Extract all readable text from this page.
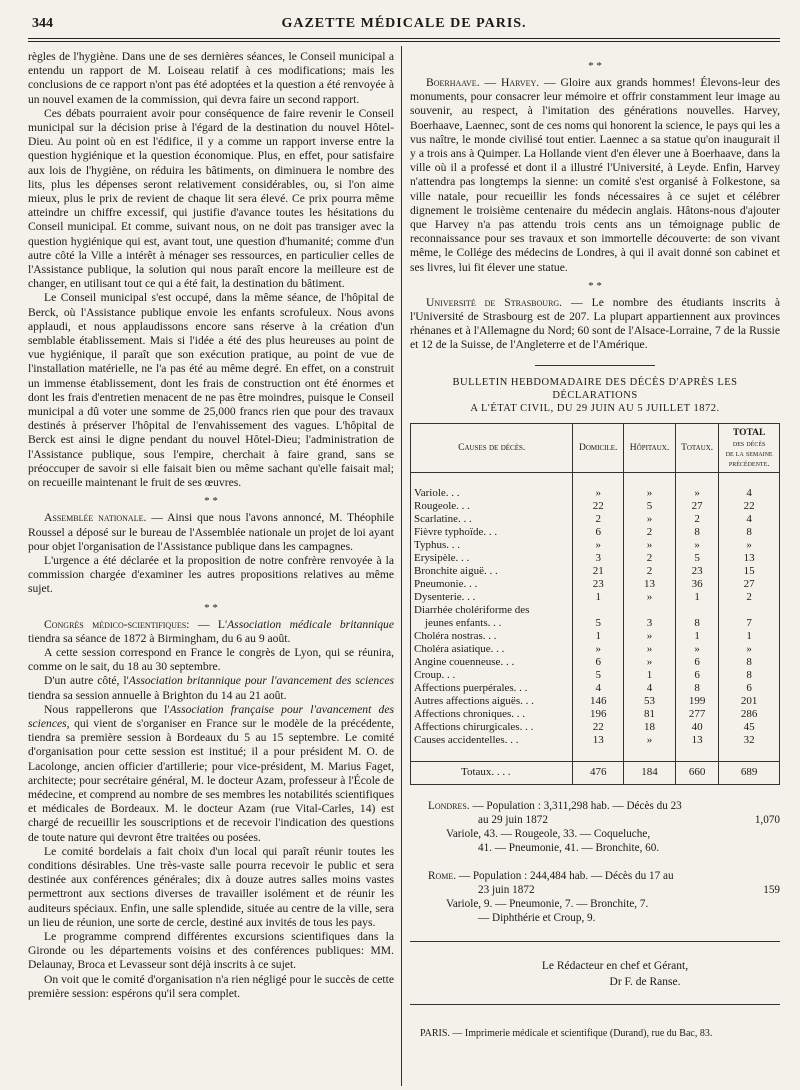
344	GAZETTE MÉDICALE DE PARIS.

règles de l'hygiène. Dans une de ses dernières séances, le Conseil municipal a entendu un rapport de M. Loiseau relatif à ces modifications; mais les conclusions de ce rapport n'ont pas été adoptées et la question a été renvoyée à un nouvel examen de la commission, qui devra faire un second rapport.

Ces débats pourraient avoir pour conséquence de faire revenir le Conseil municipal sur la décision prise à l'égard de la destination du nouvel Hôtel-Dieu. Au point où en est l'édifice, il y a comme un rapport inverse entre la question hygiénique et la question économique. Plus, en effet, pour satisfaire aux lois de l'hygiène, on réduira les bâtiments, on diminuera le nombre des lits, plus les dépenses seront relativement considérables, ou, si l'on aime mieux, plus le prix de revient de chaque lit sera élevé. Ce prix pourra même atteindre un chiffre excessif, qui justifie d'avance toutes les hésitations du Conseil municipal. Et comme, suivant nous, on ne doit pas transiger avec la question hygiénique qui est, avant tout, une question d'humanité; comme d'un autre côté la Ville a intérêt à ménager ses ressources, en particulier celles de l'Assistance publique, la solution qui nous paraît encore la meilleure est de changer, en utilisant tout ce qui a été fait, la destination du bâtiment.

Le Conseil municipal s'est occupé, dans la même séance, de l'hôpital de Berck, où l'Assistance publique envoie les enfants scrofuleux. Nous avons applaudi, et nous applaudissons encore sans réserve à la création d'un semblable établissement. Mais si l'idée a été des plus heureuses au point de vue hygiénique, il paraît que son exécution pratique, au point de vue de l'installation matérielle, ne l'a pas été au même degré. En effet, on a construit un immense établissement, dont les frais de construction ont été énormes et dont les frais d'entretien menacent de ne pas être moindres, puisque le Conseil municipal a dû voter une somme de 25,000 francs rien que pour des travaux destinés à préserver l'hôpital de l'envahissement des vagues. L'hôpital de Berck est ainsi le digne pendant du nouvel Hôtel-Dieu; l'administration de l'Assistance publique, sous l'empire, cherchait à faire grand, sans se préoccuper de savoir si elle faisait bien ou même sachant qu'elle faisait mal; on recueille maintenant le fruit de ses œuvres.

* *

Assemblée nationale. — Ainsi que nous l'avons annoncé, M. Théophile Roussel a déposé sur le bureau de l'Assemblée nationale un projet de loi ayant pour objet l'organisation de l'Assistance publique dans les campagnes.

L'urgence a été déclarée et la proposition de notre confrère renvoyée à la commission chargée d'examiner les autres propositions relatives au même sujet.

* *

Congrès médico-scientifiques: — L'Association médicale britannique tiendra sa séance de 1872 à Birmingham, du 6 au 9 août.

A cette session correspond en France le congrès de Lyon, qui se réunira, comme on le sait, du 18 au 30 septembre.

D'un autre côté, l'Association britannique pour l'avancement des sciences tiendra sa session annuelle à Brighton du 14 au 21 août.

Nous rappellerons que l'Association française pour l'avancement des sciences, qui vient de s'organiser en France sur le modèle de la précédente, tiendra sa première session à Bordeaux du 5 au 15 septembre. Le comité d'organisation pour cette session est institué; il a pour président M. O. de Lacolonge, ancien officier d'artillerie; pour vice-président, M. Marius Faget, architecte; pour secrétaire général, M. le docteur Azam, professeur à l'École de médecine, et comprend au nombre de ses membres les notabilités scientifiques et médicales de Bordeaux. M. le docteur Azam (rue Vital-Carles, 14) est chargé de recueillir les souscriptions et de recevoir l'indication des questions de toute nature qui devront être traitées ou posées.

Le comité bordelais a fait choix d'un local qui paraît réunir toutes les conditions désirables. Une très-vaste salle pourra recevoir le public et sera destinée aux conférences générales; dix à douze autres salles moins vastes permettront aux sections diverses de travailler isolément et de réunir les auditeurs spéciaux. Enfin, une salle splendide, située au centre de la ville, sera un lieu de réunion, une sorte de cercle, destiné aux invités de tous les pays.

Le programme comprend différentes excursions scientifiques dans la Gironde ou les départements voisins et des conférences publiques: MM. Delaunay, Broca et Levasseur sont déjà inscrits à ce sujet.

On voit que le comité d'organisation n'a rien négligé pour le succès de cette première session: espérons qu'il sera complet.

* *

Boerhaave. — Harvey. — Gloire aux grands hommes! Élevons-leur des monuments, pour consacrer leur mémoire et offrir constamment leur image au souvenir, au respect, à l'imitation des générations nouvelles. Harvey, Boerhaave, Laennec, sont de ces noms qui honorent la science, le pays qui les a vus naître, le monde civilisé tout entier. Laennec a sa statue qu'on inaugurait il y a trois ans à Quimper. La Hollande vient d'en élever une à Boerhaave, dans la ville où il a professé et dont il a illustré l'Université, à Leyde. Enfin, Harvey n'attendra pas longtemps la sienne: un comité s'est organisé à Folkestone, sa ville natale, pour recueillir les fonds nécessaires à ce sujet et célébrer dignement le troisième centenaire du médecin anglais. Hâtons-nous d'ajouter que Harvey n'a pas attendu trois cents ans un témoignage public de reconnaissance pour ses travaux et son immortelle découverte: de son vivant même, le Collége des médecins de Londres, à qui il avait donné son cabinet et ses livres, lui fit élever une statue.

* *

Université de Strasbourg. — Le nombre des étudiants inscrits à l'Université de Strasbourg est de 207. La plupart appartiennent aux provinces rhénanes et à l'Allemagne du Nord; 60 sont de l'Alsace-Lorraine, 7 de la Russie et 12 de la Suisse, de l'Angleterre et de l'Amérique.

BULLETIN HEBDOMADAIRE DES DÉCÈS D'APRÈS LES DÉCLARATIONS
A L'ÉTAT CIVIL, DU 29 JUIN AU 5 JUILLET 1872.
Causes de décès.	Domicile.	Hôpitaux.	Totaux.	TOTAL
des décès
de la semaine
précédente.

Variole. . .	»	»	»	4
Rougeole. . .	22	5	27	22
Scarlatine. . .	2	»	2	4
Fièvre typhoïde. . .	6	2	8	8
Typhus. . .	»	»	»	»
Erysipèle. . .	3	2	5	13
Bronchite aiguë. . .	21	2	23	15
Pneumonie. . .	23	13	36	27
Dysenterie. . .	1	»	1	2
Diarrhée cholériforme des				
jeunes enfants. . .	5	3	8	7
Choléra nostras. . .	1	»	1	1
Choléra asiatique. . .	»	»	»	»
Angine couenneuse. . .	6	»	6	8
Croup. . .	5	1	6	8
Affections puerpérales. . .	4	4	8	6
Autres affections aiguës. . .	146	53	199	201
Affections chroniques. . .	196	81	277	286
Affections chirurgicales. . .	22	18	40	45
Causes accidentelles. . .	13	»	13	32

Totaux. . . .	476	184	660	689
Londres. — Population : 3,311,298 hab. — Décès du 23
au 29 juin 1872	1,070
Variole, 43. — Rougeole, 33. — Coqueluche,
41. — Pneumonie, 41. — Bronchite, 60.
Rome. — Population : 244,484 hab. — Décès du 17 au
23 juin 1872	159
Variole, 9. — Pneumonie, 7. — Bronchite, 7.
— Diphthérie et Croup, 9.
Le Rédacteur en chef et Gérant,
Dr F. de Ranse.
PARIS. — Imprimerie médicale et scientifique (Durand), rue du Bac, 83.
